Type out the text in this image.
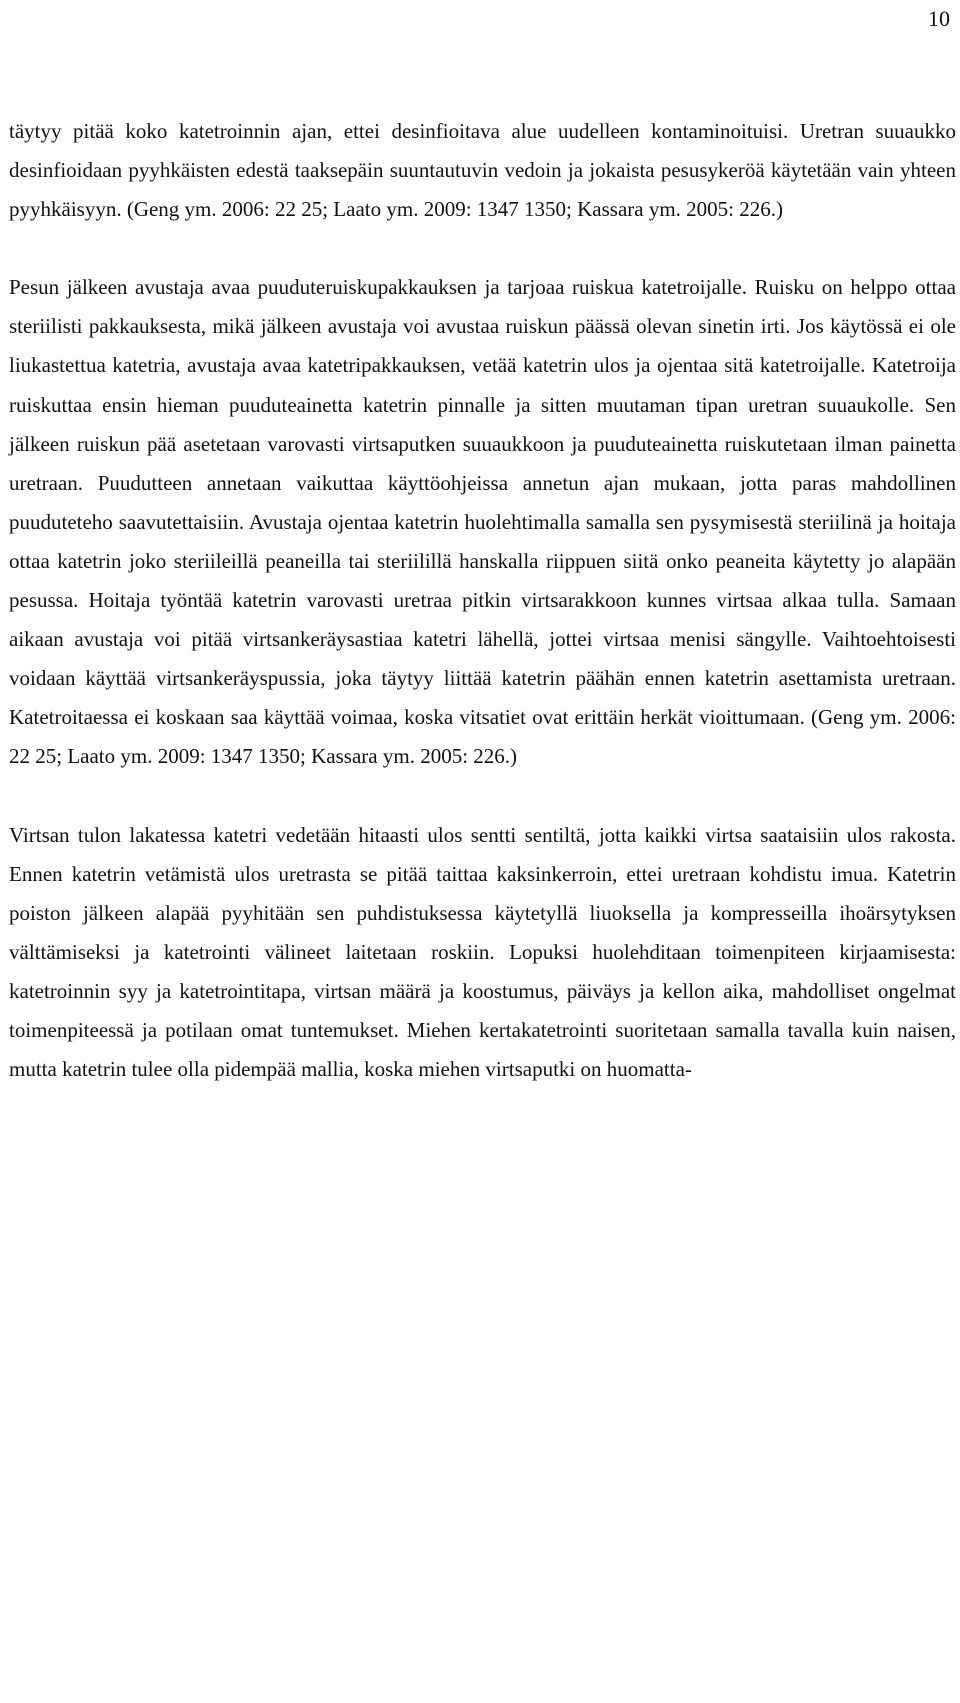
10

täytyy pitää koko katetroinnin ajan, ettei desinfioitava alue uudelleen kontaminoituisi. Uretran suuaukko desinfioidaan pyyhkäisten edestä taaksepäin suuntautuvin vedoin ja jokaista pesusykeröä käytetään vain yhteen pyyhkäisyyn. (Geng ym. 2006: 22 25; Laato ym. 2009: 1347 1350; Kassara ym. 2005: 226.)

Pesun jälkeen avustaja avaa puuduteruiskupakkauksen ja tarjoaa ruiskua katetroijalle. Ruisku on helppo ottaa steriilisti pakkauksesta, mikä jälkeen avustaja voi avustaa ruiskun päässä olevan sinetin irti. Jos käytössä ei ole liukastettua katetria, avustaja avaa katetripakkauksen, vetää katetrin ulos ja ojentaa sitä katetroijalle. Katetroija ruiskuttaa ensin hieman puuduteainetta katetrin pinnalle ja sitten muutaman tipan uretran suuaukolle. Sen jälkeen ruiskun pää asetetaan varovasti virtsaputken suuaukkoon ja puuduteainetta ruiskutetaan ilman painetta uretraan. Puudutteen annetaan vaikuttaa käyttöohjeissa annetun ajan mukaan, jotta paras mahdollinen puuduteteho saavutettaisiin. Avustaja ojentaa katetrin huolehtimalla samalla sen pysymisestä steriilinä ja hoitaja ottaa katetrin joko steriileillä peaneilla tai steriilillä hanskalla riippuen siitä onko peaneita käytetty jo alapään pesussa. Hoitaja työntää katetrin varovasti uretraa pitkin virtsarakkoon kunnes virtsaa alkaa tulla. Samaan aikaan avustaja voi pitää virtsankeräysastiaa katetri lähellä, jottei virtsaa menisi sängylle. Vaihtoehtoisesti voidaan käyttää virtsankeräyspussia, joka täytyy liittää katetrin päähän ennen katetrin asettamista uretraan. Katetroitaessa ei koskaan saa käyttää voimaa, koska vitsatiet ovat erittäin herkät vioittumaan. (Geng ym. 2006: 22 25; Laato ym. 2009: 1347 1350; Kassara ym. 2005: 226.)

Virtsan tulon lakatessa katetri vedetään hitaasti ulos sentti sentiltä, jotta kaikki virtsa saataisiin ulos rakosta. Ennen katetrin vetämistä ulos uretrasta se pitää taittaa kaksinkerroin, ettei uretraan kohdistu imua. Katetrin poiston jälkeen alapää pyyhitään sen puhdistuksessa käytetyllä liuoksella ja kompresseilla ihoärsytyksen välttämiseksi ja katetrointi välineet laitetaan roskiin. Lopuksi huolehditaan toimenpiteen kirjaamisesta: katetroinnin syy ja katetrointitapa, virtsan määrä ja koostumus, päiväys ja kellon aika, mahdolliset ongelmat toimenpiteessä ja potilaan omat tuntemukset. Miehen kertakatetrointi suoritetaan samalla tavalla kuin naisen, mutta katetrin tulee olla pidempää mallia, koska miehen virtsaputki on huomatta-
